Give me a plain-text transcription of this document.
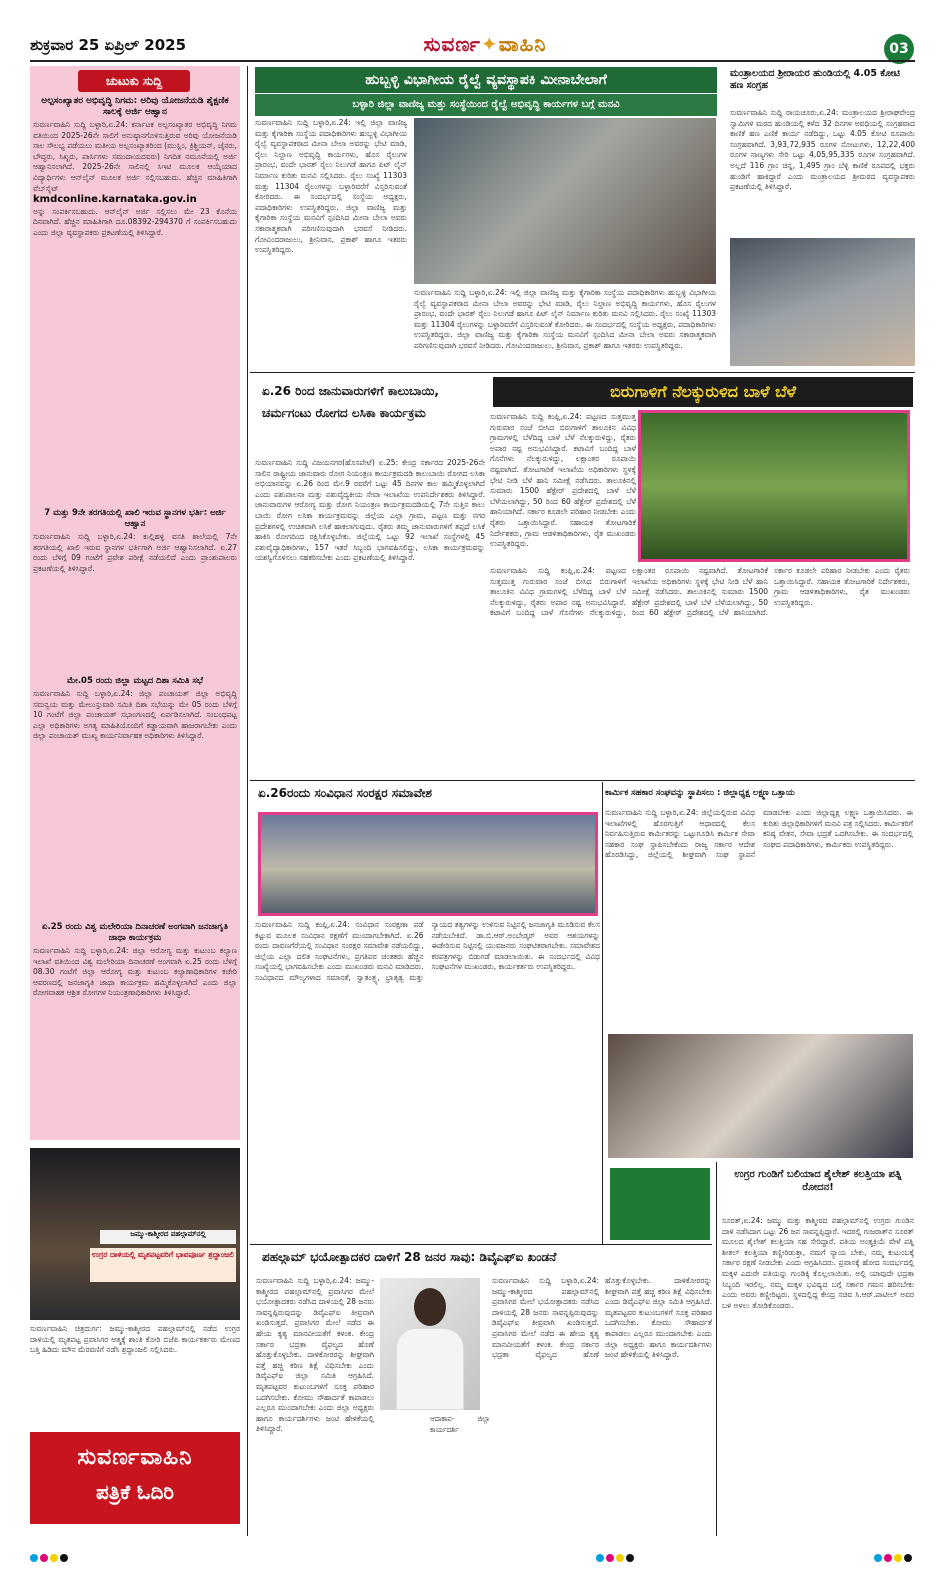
ಶುಕ್ರವಾರ 25 ಏಪ್ರಿಲ್ 2025	ಸುವರ್ಣ✦ವಾಹಿನಿ	03
ಚುಟುಕು ಸುದ್ದಿ
ಅಲ್ಪಸಂಖ್ಯಾತರ ಅಭಿವೃದ್ಧಿ ನಿಗಮ: ಅರಿವು ಯೋಜನೆಯಡಿ ಶೈಕ್ಷಣಿಕ ಸಾಲಕ್ಕೆ ಅರ್ಜಿ ಆಹ್ವಾನ
ಸುವರ್ಣವಾಹಿನಿ ಸುದ್ದಿ ಬಳ್ಳಾರಿ,ಏ.24: ಕರ್ನಾಟಕ ಅಲ್ಪಸಂಖ್ಯಾತರ ಅಭಿವೃದ್ಧಿ ನಿಗಮ ವತಿಯಿಂದ 2025-26ನೇ ಸಾಲಿಗೆ ಅನುಷ್ಠಾನಗೊಳಿಸುತ್ತಿರುವ ಅರಿವು ಯೋಜನೆಯಡಿ ಸಾಲ ಸೌಲಭ್ಯ ಪಡೆಯಲು ಮತೀಯ ಅಲ್ಪಸಂಖ್ಯಾತರಿಂದ (ಮುಸ್ಲಿಂ, ಕ್ರಿಶ್ಚಿಯನ್, ಜೈನರು, ಬೌದ್ಧರು, ಸಿಖ್ಖರು, ಪಾರ್ಸಿಗಳು ಸಮುದಾಯದವರು) ನಿಗದಿತ ನಮೂನೆಯಲ್ಲಿ ಅರ್ಜಿ ಆಹ್ವಾನಿಸಲಾಗಿದೆ. 2025-26ನೇ ಸಾಲಿನಲ್ಲಿ ಸಿಇಟಿ ಮೂಲಕ ಆಯ್ಕೆಯಾದ ವಿದ್ಯಾರ್ಥಿಗಳು ಆನ್‌ಲೈನ್ ಮೂಲಕ ಅರ್ಜಿ ಸಲ್ಲಿಸಬಹುದು. ಹೆಚ್ಚಿನ ಮಾಹಿತಿಗಾಗಿ ವೆಬ್‌ಸೈಟ್
kmdconline.karnataka.gov.in
ಅನ್ನು ಸಂಪರ್ಕಿಸಬಹುದು. ಆನ್‌ಲೈನ್ ಅರ್ಜಿ ಸಲ್ಲಿಸಲು ಮೇ 23 ಕೊನೆಯ ದಿನವಾಗಿದೆ. ಹೆಚ್ಚಿನ ಮಾಹಿತಿಗಾಗಿ ದೂ.08392-294370 ಗೆ ಸಂಪರ್ಕಿಸಬಹುದು ಎಂದು ಜಿಲ್ಲಾ ವ್ಯವಸ್ಥಾಪಕರು ಪ್ರಕಟಣೆಯಲ್ಲಿ ತಿಳಿಸಿದ್ದಾರೆ.
7 ಮತ್ತು 9ನೇ ತರಗತಿಯಲ್ಲಿ ಖಾಲಿ ಇರುವ ಸ್ಥಾನಗಳ ಭರ್ತಿ: ಅರ್ಜಿ ಆಹ್ವಾನ
ಸುವರ್ಣವಾಹಿನಿ ಸುದ್ದಿ ಬಳ್ಳಾರಿ,ಏ.24: ಕುಲ್ಲಿಹಳ್ಳಿ ವಸತಿ ಶಾಲೆಯಲ್ಲಿ 7ನೇ ತರಗತಿಯಲ್ಲಿ ಖಾಲಿ ಇರುವ ಸ್ಥಾನಗಳ ಭರ್ತಿಗಾಗಿ ಅರ್ಜಿ ಆಹ್ವಾನಿಸಲಾಗಿದೆ. ಏ.27 ರಂದು ಬೆಳಿಗ್ಗೆ 09 ಗಂಟೆಗೆ ಪ್ರವೇಶ ಪರೀಕ್ಷೆ ನಡೆಯಲಿದೆ ಎಂದು ಪ್ರಾಂಶುಪಾಲರು ಪ್ರಕಟಣೆಯಲ್ಲಿ ತಿಳಿಸಿದ್ದಾರೆ.
ಮೇ.05 ರಂದು ಜಿಲ್ಲಾ ಮಟ್ಟದ ದಿಶಾ ಸಮಿತಿ ಸಭೆ
ಸುವರ್ಣವಾಹಿನಿ ಸುದ್ದಿ ಬಳ್ಳಾರಿ,ಏ.24: ಜಿಲ್ಲಾ ಪಂಚಾಯತ್ ಜಿಲ್ಲಾ ಅಭಿವೃದ್ಧಿ ಸಮನ್ವಯ ಮತ್ತು ಮೇಲುಸ್ತುವಾರಿ ಸಮಿತಿ ದಿಶಾ ಸಭೆಯನ್ನು ಮೇ 05 ರಂದು ಬೆಳಿಗ್ಗೆ 10 ಗಂಟೆಗೆ ಜಿಲ್ಲಾ ಪಂಚಾಯತ್ ಸಭಾಂಗಣದಲ್ಲಿ ಏರ್ಪಡಿಸಲಾಗಿದೆ. ಸಂಬಂಧಪಟ್ಟ ಎಲ್ಲಾ ಅಧಿಕಾರಿಗಳು ಅಗತ್ಯ ಮಾಹಿತಿಯೊಂದಿಗೆ ಕಡ್ಡಾಯವಾಗಿ ಹಾಜರಾಗಬೇಕು ಎಂದು ಜಿಲ್ಲಾ ಪಂಚಾಯತ್ ಮುಖ್ಯ ಕಾರ್ಯನಿರ್ವಾಹಕ ಅಧಿಕಾರಿಗಳು ತಿಳಿಸಿದ್ದಾರೆ.
ಏ.25 ರಂದು ವಿಶ್ವ ಮಲೇರಿಯಾ ದಿನಾಚರಣೆ ಅಂಗವಾಗಿ ಜನಜಾಗೃತಿ ಜಾಥಾ ಕಾರ್ಯಕ್ರಮ
ಸುವರ್ಣವಾಹಿನಿ ಸುದ್ದಿ ಬಳ್ಳಾರಿ,ಏ.24: ಜಿಲ್ಲಾ ಆರೋಗ್ಯ ಮತ್ತು ಕುಟುಂಬ ಕಲ್ಯಾಣ ಇಲಾಖೆ ವತಿಯಿಂದ ವಿಶ್ವ ಮಲೇರಿಯಾ ದಿನಾಚರಣೆ ಅಂಗವಾಗಿ ಏ.25 ರಂದು ಬೆಳಿಗ್ಗೆ 08.30 ಗಂಟೆಗೆ ಜಿಲ್ಲಾ ಆರೋಗ್ಯ ಮತ್ತು ಕುಟುಂಬ ಕಲ್ಯಾಣಾಧಿಕಾರಿಗಳ ಕಚೇರಿ ಆವರಣದಲ್ಲಿ ಜನಜಾಗೃತಿ ಜಾಥಾ ಕಾರ್ಯಕ್ರಮ ಹಮ್ಮಿಕೊಳ್ಳಲಾಗಿದೆ ಎಂದು ಜಿಲ್ಲಾ ರೋಗವಾಹಕ ಆಶ್ರಿತ ರೋಗಗಳ ನಿಯಂತ್ರಣಾಧಿಕಾರಿಗಳು ತಿಳಿಸಿದ್ದಾರೆ.
ಜಮ್ಮು-ಕಾಶ್ಮೀರದ ಪಹಲ್ಗಾಮ್‌ನಲ್ಲಿ
ಉಗ್ರರ ದಾಳಿಯಲ್ಲಿ ಮೃತಪಟ್ಟವರಿಗೆ ಭಾವಪೂರ್ಣ ಶ್ರದ್ಧಾಂಜಲಿ
ಸುವರ್ಣವಾಹಿನಿ ಚಿತ್ರದುರ್ಗ: ಜಮ್ಮು-ಕಾಶ್ಮೀರದ ಪಹಲ್ಗಾಮ್‌ನಲ್ಲಿ ನಡೆದ ಉಗ್ರರ ದಾಳಿಯಲ್ಲಿ ಮೃತಪಟ್ಟ ಪ್ರವಾಸಿಗರ ಆತ್ಮಕ್ಕೆ ಶಾಂತಿ ಕೋರಿ ಬಿಜೆಪಿ ಕಾರ್ಯಕರ್ತರು ಮೇಣದ ಬತ್ತಿ ಹಿಡಿದು ಮೌನ ಮೆರವಣಿಗೆ ನಡೆಸಿ ಶ್ರದ್ಧಾಂಜಲಿ ಸಲ್ಲಿಸಿದರು.
ಸುವರ್ಣವಾಹಿನಿ
ಪತ್ರಿಕೆ ಓದಿರಿ
ಹುಬ್ಬಳ್ಳಿ ವಿಭಾಗೀಯ ರೈಲ್ವೆ ವ್ಯವಸ್ಥಾಪಕಿ ಮೀನಾಬೇಲಾಗೆ
ಬಳ್ಳಾರಿ ಜಿಲ್ಲಾ ವಾಣಿಜ್ಯ ಮತ್ತು ಸಂಸ್ಥೆಯಿಂದ ರೈಲ್ವೆ ಅಭಿವೃದ್ಧಿ ಕಾರ್ಯಗಳ ಬಗ್ಗೆ ಮನವಿ
ಸುವರ್ಣವಾಹಿನಿ ಸುದ್ದಿ ಬಳ್ಳಾರಿ,ಏ.24: ಇಲ್ಲಿ ಜಿಲ್ಲಾ ವಾಣಿಜ್ಯ ಮತ್ತು ಕೈಗಾರಿಕಾ ಸಂಸ್ಥೆಯ ಪದಾಧಿಕಾರಿಗಳು ಹುಬ್ಬಳ್ಳಿ ವಿಭಾಗೀಯ ರೈಲ್ವೆ ವ್ಯವಸ್ಥಾಪಕರಾದ ಮೀನಾ ಬೇಲಾ ಅವರನ್ನು ಭೇಟಿ ಮಾಡಿ, ರೈಲು ನಿಲ್ದಾಣ ಅಭಿವೃದ್ಧಿ ಕಾರ್ಯಗಳು, ಹೊಸ ರೈಲುಗಳ ಪ್ರಾರಂಭ, ವಂದೇ ಭಾರತ್ ರೈಲು ನಿಲುಗಡೆ ಹಾಗೂ ಪಿಟ್ ಲೈನ್ ನಿರ್ಮಾಣ ಕುರಿತು ಮನವಿ ಸಲ್ಲಿಸಿದರು. ರೈಲು ಸಂಖ್ಯೆ 11303 ಮತ್ತು 11304 ರೈಲುಗಳನ್ನು ಬಳ್ಳಾರಿವರೆಗೆ ವಿಸ್ತರಿಸುವಂತೆ ಕೋರಿದರು. ಈ ಸಂದರ್ಭದಲ್ಲಿ ಸಂಸ್ಥೆಯ ಅಧ್ಯಕ್ಷರು, ಪದಾಧಿಕಾರಿಗಳು ಉಪಸ್ಥಿತರಿದ್ದರು. ಜಿಲ್ಲಾ ವಾಣಿಜ್ಯ ಮತ್ತು ಕೈಗಾರಿಕಾ ಸಂಸ್ಥೆಯ ಮನವಿಗೆ ಸ್ಪಂದಿಸಿದ ಮೀನಾ ಬೇಲಾ ಅವರು ಸಕಾರಾತ್ಮಕವಾಗಿ ಪರಿಗಣಿಸುವುದಾಗಿ ಭರವಸೆ ನೀಡಿದರು. ಗೋವಿಂದರಾಜುಲು, ಶ್ರೀನಿವಾಸ, ಪ್ರಕಾಶ್ ಹಾಗೂ ಇತರರು ಉಪಸ್ಥಿತರಿದ್ದರು.
ಸುವರ್ಣವಾಹಿನಿ ಸುದ್ದಿ ಬಳ್ಳಾರಿ,ಏ.24: ಇಲ್ಲಿ ಜಿಲ್ಲಾ ವಾಣಿಜ್ಯ ಮತ್ತು ಕೈಗಾರಿಕಾ ಸಂಸ್ಥೆಯ ಪದಾಧಿಕಾರಿಗಳು ಹುಬ್ಬಳ್ಳಿ ವಿಭಾಗೀಯ ರೈಲ್ವೆ ವ್ಯವಸ್ಥಾಪಕರಾದ ಮೀನಾ ಬೇಲಾ ಅವರನ್ನು ಭೇಟಿ ಮಾಡಿ, ರೈಲು ನಿಲ್ದಾಣ ಅಭಿವೃದ್ಧಿ ಕಾರ್ಯಗಳು, ಹೊಸ ರೈಲುಗಳ ಪ್ರಾರಂಭ, ವಂದೇ ಭಾರತ್ ರೈಲು ನಿಲುಗಡೆ ಹಾಗೂ ಪಿಟ್ ಲೈನ್ ನಿರ್ಮಾಣ ಕುರಿತು ಮನವಿ ಸಲ್ಲಿಸಿದರು. ರೈಲು ಸಂಖ್ಯೆ 11303 ಮತ್ತು 11304 ರೈಲುಗಳನ್ನು ಬಳ್ಳಾರಿವರೆಗೆ ವಿಸ್ತರಿಸುವಂತೆ ಕೋರಿದರು. ಈ ಸಂದರ್ಭದಲ್ಲಿ ಸಂಸ್ಥೆಯ ಅಧ್ಯಕ್ಷರು, ಪದಾಧಿಕಾರಿಗಳು ಉಪಸ್ಥಿತರಿದ್ದರು. ಜಿಲ್ಲಾ ವಾಣಿಜ್ಯ ಮತ್ತು ಕೈಗಾರಿಕಾ ಸಂಸ್ಥೆಯ ಮನವಿಗೆ ಸ್ಪಂದಿಸಿದ ಮೀನಾ ಬೇಲಾ ಅವರು ಸಕಾರಾತ್ಮಕವಾಗಿ ಪರಿಗಣಿಸುವುದಾಗಿ ಭರವಸೆ ನೀಡಿದರು. ಗೋವಿಂದರಾಜುಲು, ಶ್ರೀನಿವಾಸ, ಪ್ರಕಾಶ್ ಹಾಗೂ ಇತರರು ಉಪಸ್ಥಿತರಿದ್ದರು.
ಮಂತ್ರಾಲಯದ ಶ್ರೀರಾಯರ ಹುಂಡಿಯಲ್ಲಿ 4.05 ಕೋಟಿ ಹಣ ಸಂಗ್ರಹ
ಸುವರ್ಣವಾಹಿನಿ ಸುದ್ದಿ ರಾಯಚೂರು,ಏ.24: ಮಂತ್ರಾಲಯದ ಶ್ರೀರಾಘವೇಂದ್ರ ಸ್ವಾಮಿಗಳ ಮಠದ ಹುಂಡಿಯಲ್ಲಿ ಕಳೆದ 32 ದಿನಗಳ ಅವಧಿಯಲ್ಲಿ ಸಂಗ್ರಹವಾದ ಕಾಣಿಕೆ ಹಣ ಎಣಿಕೆ ಕಾರ್ಯ ನಡೆದಿದ್ದು, ಒಟ್ಟು 4.05 ಕೋಟಿ ರೂಪಾಯಿ ಸಂಗ್ರಹವಾಗಿದೆ. 3,93,72,935 ರೂಗಳ ನೋಟುಗಳು, 12,22,400 ರೂಗಳ ನಾಣ್ಯಗಳು ಸೇರಿ ಒಟ್ಟು 4,05,95,335 ರೂಗಳ ಸಂಗ್ರಹವಾಗಿದೆ. ಅಲ್ಲದೆ 116 ಗ್ರಾಂ ಚಿನ್ನ, 1,495 ಗ್ರಾಂ ಬೆಳ್ಳಿ ಕಾಣಿಕೆ ರೂಪದಲ್ಲಿ ಭಕ್ತರು ಹುಂಡಿಗೆ ಹಾಕಿದ್ದಾರೆ ಎಂದು ಮಂತ್ರಾಲಯದ ಶ್ರೀಮಠದ ವ್ಯವಸ್ಥಾಪಕರು ಪ್ರಕಟಣೆಯಲ್ಲಿ ತಿಳಿಸಿದ್ದಾರೆ.
ಏ.26 ರಿಂದ ಜಾನುವಾರುಗಳಿಗೆ ಕಾಲುಬಾಯಿ, ಚರ್ಮಗಂಟು ರೋಗದ ಲಸಿಕಾ ಕಾರ್ಯಕ್ರಮ
ಸುವರ್ಣವಾಹಿನಿ ಸುದ್ದಿ ವಿಜಯನಗರ(ಹೊಸಪೇಟೆ) ಏ.25: ಕೇಂದ್ರ ಸರ್ಕಾರದ 2025-26ನೇ ಸಾಲಿನ ರಾಷ್ಟ್ರೀಯ ಜಾನುವಾರು ರೋಗ ನಿಯಂತ್ರಣ ಕಾರ್ಯಕ್ರಮದಡಿ ಕಾಲುಬಾಯಿ ರೋಗದ ಲಸಿಕಾ ಅಭಿಯಾನವನ್ನು ಏ.26 ರಿಂದ ಮೇ.9 ರವರೆಗೆ ಒಟ್ಟು 45 ದಿನಗಳ ಕಾಲ ಹಮ್ಮಿಕೊಳ್ಳಲಾಗಿದೆ ಎಂದು ಪಶುಪಾಲನಾ ಮತ್ತು ಪಶುವೈದ್ಯಕೀಯ ಸೇವಾ ಇಲಾಖೆಯ ಉಪನಿರ್ದೇಶಕರು ತಿಳಿಸಿದ್ದಾರೆ. ಜಾನುವಾರುಗಳ ಆರೋಗ್ಯ ಮತ್ತು ರೋಗ ನಿಯಂತ್ರಣ ಕಾರ್ಯಕ್ರಮದಡಿಯಲ್ಲಿ 7ನೇ ಸುತ್ತಿನ ಕಾಲು ಬಾಯಿ ರೋಗ ಲಸಿಕಾ ಕಾರ್ಯಕ್ರಮವನ್ನು ಜಿಲ್ಲೆಯ ಎಲ್ಲಾ ಗ್ರಾಮ, ಪಟ್ಟಣ ಮತ್ತು ನಗರ ಪ್ರದೇಶಗಳಲ್ಲಿ ಉಚಿತವಾಗಿ ಲಸಿಕೆ ಹಾಕಲಾಗುವುದು. ರೈತರು ತಮ್ಮ ಜಾನುವಾರುಗಳಿಗೆ ತಪ್ಪದೆ ಲಸಿಕೆ ಹಾಕಿಸಿ ರೋಗದಿಂದ ರಕ್ಷಿಸಿಕೊಳ್ಳಬೇಕು. ಜಿಲ್ಲೆಯಲ್ಲಿ ಒಟ್ಟು 92 ಇಲಾಖೆ ಸಂಸ್ಥೆಗಳಲ್ಲಿ 45 ಪಶುವೈದ್ಯಾಧಿಕಾರಿಗಳು, 157 ಇತರೆ ಸಿಬ್ಬಂದಿ ಭಾಗವಹಿಸಲಿದ್ದು, ಲಸಿಕಾ ಕಾರ್ಯಕ್ರಮವನ್ನು ಯಶಸ್ವಿಗೊಳಿಸಲು ಸಹಕರಿಸಬೇಕು ಎಂದು ಪ್ರಕಟಣೆಯಲ್ಲಿ ತಿಳಿಸಿದ್ದಾರೆ.
ಬಿರುಗಾಳಿಗೆ ನೆಲಕ್ಕುರುಳಿದ ಬಾಳೆ ಬೆಳೆ
ಸುವರ್ಣವಾಹಿನಿ ಸುದ್ದಿ ಕಂಪ್ಲಿ,ಏ.24: ಪಟ್ಟಣದ ಸುತ್ತಮುತ್ತ ಗುರುವಾರ ಸಂಜೆ ಬೀಸಿದ ಬಿರುಗಾಳಿಗೆ ತಾಲೂಕಿನ ವಿವಿಧ ಗ್ರಾಮಗಳಲ್ಲಿ ಬೆಳೆದಿದ್ದ ಬಾಳೆ ಬೆಳೆ ನೆಲಕ್ಕುರುಳಿದ್ದು, ರೈತರು ಅಪಾರ ನಷ್ಟ ಅನುಭವಿಸಿದ್ದಾರೆ. ಕಟಾವಿಗೆ ಬಂದಿದ್ದ ಬಾಳೆ ಗೊನೆಗಳು ನೆಲಕ್ಕುರುಳಿದ್ದು, ಲಕ್ಷಾಂತರ ರೂಪಾಯಿ ನಷ್ಟವಾಗಿದೆ. ತೋಟಗಾರಿಕೆ ಇಲಾಖೆಯ ಅಧಿಕಾರಿಗಳು ಸ್ಥಳಕ್ಕೆ ಭೇಟಿ ನೀಡಿ ಬೆಳೆ ಹಾನಿ ಸಮೀಕ್ಷೆ ನಡೆಸಿದರು. ತಾಲೂಕಿನಲ್ಲಿ ಸುಮಾರು 1500 ಹೆಕ್ಟೇರ್ ಪ್ರದೇಶದಲ್ಲಿ ಬಾಳೆ ಬೆಳೆ ಬೆಳೆಯಲಾಗಿದ್ದು, 50 ರಿಂದ 60 ಹೆಕ್ಟೇರ್ ಪ್ರದೇಶದಲ್ಲಿ ಬೆಳೆ ಹಾನಿಯಾಗಿದೆ. ಸರ್ಕಾರ ಕೂಡಲೇ ಪರಿಹಾರ ನೀಡಬೇಕು ಎಂದು ರೈತರು ಒತ್ತಾಯಿಸಿದ್ದಾರೆ. ಸಹಾಯಕ ತೋಟಗಾರಿಕೆ ನಿರ್ದೇಶಕರು, ಗ್ರಾಮ ಆಡಳಿತಾಧಿಕಾರಿಗಳು, ರೈತ ಮುಖಂಡರು ಉಪಸ್ಥಿತರಿದ್ದರು.
ಸುವರ್ಣವಾಹಿನಿ ಸುದ್ದಿ ಕಂಪ್ಲಿ,ಏ.24: ಪಟ್ಟಣದ ಸುತ್ತಮುತ್ತ ಗುರುವಾರ ಸಂಜೆ ಬೀಸಿದ ಬಿರುಗಾಳಿಗೆ ತಾಲೂಕಿನ ವಿವಿಧ ಗ್ರಾಮಗಳಲ್ಲಿ ಬೆಳೆದಿದ್ದ ಬಾಳೆ ಬೆಳೆ ನೆಲಕ್ಕುರುಳಿದ್ದು, ರೈತರು ಅಪಾರ ನಷ್ಟ ಅನುಭವಿಸಿದ್ದಾರೆ. ಕಟಾವಿಗೆ ಬಂದಿದ್ದ ಬಾಳೆ ಗೊನೆಗಳು ನೆಲಕ್ಕುರುಳಿದ್ದು, ಲಕ್ಷಾಂತರ ರೂಪಾಯಿ ನಷ್ಟವಾಗಿದೆ. ತೋಟಗಾರಿಕೆ ಇಲಾಖೆಯ ಅಧಿಕಾರಿಗಳು ಸ್ಥಳಕ್ಕೆ ಭೇಟಿ ನೀಡಿ ಬೆಳೆ ಹಾನಿ ಸಮೀಕ್ಷೆ ನಡೆಸಿದರು. ತಾಲೂಕಿನಲ್ಲಿ ಸುಮಾರು 1500 ಹೆಕ್ಟೇರ್ ಪ್ರದೇಶದಲ್ಲಿ ಬಾಳೆ ಬೆಳೆ ಬೆಳೆಯಲಾಗಿದ್ದು, 50 ರಿಂದ 60 ಹೆಕ್ಟೇರ್ ಪ್ರದೇಶದಲ್ಲಿ ಬೆಳೆ ಹಾನಿಯಾಗಿದೆ. ಸರ್ಕಾರ ಕೂಡಲೇ ಪರಿಹಾರ ನೀಡಬೇಕು ಎಂದು ರೈತರು ಒತ್ತಾಯಿಸಿದ್ದಾರೆ. ಸಹಾಯಕ ತೋಟಗಾರಿಕೆ ನಿರ್ದೇಶಕರು, ಗ್ರಾಮ ಆಡಳಿತಾಧಿಕಾರಿಗಳು, ರೈತ ಮುಖಂಡರು ಉಪಸ್ಥಿತರಿದ್ದರು.
ಏ.26ರಂದು ಸಂವಿಧಾನ ಸಂರಕ್ಷರ ಸಮಾವೇಶ
ಸುವರ್ಣವಾಹಿನಿ ಸುದ್ದಿ ಕಂಪ್ಲಿ,ಏ.24: ಸಂವಿಧಾನ ಸಂರಕ್ಷಣಾ ಪಡೆ ಕಟ್ಟುವ ಮೂಲಕ ಸಂವಿಧಾನ ರಕ್ಷಣೆಗೆ ಮುಂದಾಗಬೇಕಾಗಿದೆ. ಏ.26 ರಂದು ದಾವಣಗೆರೆಯಲ್ಲಿ ಸಂವಿಧಾನ ಸಂರಕ್ಷರ ಸಮಾವೇಶ ನಡೆಯಲಿದ್ದು, ಜಿಲ್ಲೆಯ ಎಲ್ಲಾ ದಲಿತ ಸಂಘಟನೆಗಳು, ಪ್ರಗತಿಪರ ಚಿಂತಕರು ಹೆಚ್ಚಿನ ಸಂಖ್ಯೆಯಲ್ಲಿ ಭಾಗವಹಿಸಬೇಕು ಎಂದು ಮುಖಂಡರು ಮನವಿ ಮಾಡಿದರು. ಸಂವಿಧಾನದ ಮೌಲ್ಯಗಳಾದ ಸಮಾನತೆ, ಸ್ವಾತಂತ್ರ್ಯ, ಭ್ರಾತೃತ್ವ ಮತ್ತು ನ್ಯಾಯದ ತತ್ವಗಳನ್ನು ಉಳಿಸುವ ನಿಟ್ಟಿನಲ್ಲಿ ಜನಜಾಗೃತಿ ಮೂಡಿಸುವ ಕೆಲಸ ನಡೆಯಬೇಕಿದೆ. ಡಾ.ಬಿ.ಆರ್.ಅಂಬೇಡ್ಕರ್ ಅವರ ಆಶಯಗಳನ್ನು ಈಡೇರಿಸುವ ನಿಟ್ಟಿನಲ್ಲಿ ಯುವಜನರು ಸಂಘಟಿತರಾಗಬೇಕು. ಸಮಾವೇಶದ ಕರಪತ್ರಗಳನ್ನು ಬಿಡುಗಡೆ ಮಾಡಲಾಯಿತು. ಈ ಸಂದರ್ಭದಲ್ಲಿ ವಿವಿಧ ಸಂಘಟನೆಗಳ ಮುಖಂಡರು, ಕಾರ್ಯಕರ್ತರು ಉಪಸ್ಥಿತರಿದ್ದರು.
ಕಾರ್ಮಿಕ ಸಹಕಾರ ಸಂಘವನ್ನು ಸ್ಥಾಪಿಸಲು : ಜಿಲ್ಲಾಧ್ಯಕ್ಷ ಲಕ್ಷ್ಮಣ ಒತ್ತಾಯ
ಸುವರ್ಣವಾಹಿನಿ ಸುದ್ದಿ ಬಳ್ಳಾರಿ,ಏ.24: ಜಿಲ್ಲೆಯಲ್ಲಿರುವ ವಿವಿಧ ಇಲಾಖೆಗಳಲ್ಲಿ ಹೊರಗುತ್ತಿಗೆ ಆಧಾರದಲ್ಲಿ ಕೆಲಸ ನಿರ್ವಹಿಸುತ್ತಿರುವ ಕಾರ್ಮಿಕರನ್ನು ಒಟ್ಟುಗೂಡಿಸಿ ಕಾರ್ಮಿಕ ಸೇವಾ ಸಹಕಾರ ಸಂಘ ಸ್ಥಾಪಿಸಬೇಕೆಂದು ರಾಜ್ಯ ಸರ್ಕಾರ ಆದೇಶ ಹೊರಡಿಸಿದ್ದು, ಜಿಲ್ಲೆಯಲ್ಲಿ ಶೀಘ್ರವಾಗಿ ಸಂಘ ಸ್ಥಾಪನೆ ಮಾಡಬೇಕು ಎಂದು ಜಿಲ್ಲಾಧ್ಯಕ್ಷ ಲಕ್ಷ್ಮಣ ಒತ್ತಾಯಿಸಿದರು. ಈ ಕುರಿತು ಜಿಲ್ಲಾಧಿಕಾರಿಗಳಿಗೆ ಮನವಿ ಪತ್ರ ಸಲ್ಲಿಸಿದರು. ಕಾರ್ಮಿಕರಿಗೆ ಕನಿಷ್ಠ ವೇತನ, ಸೇವಾ ಭದ್ರತೆ ಒದಗಿಸಬೇಕು. ಈ ಸಂದರ್ಭದಲ್ಲಿ ಸಂಘದ ಪದಾಧಿಕಾರಿಗಳು, ಕಾರ್ಮಿಕರು ಉಪಸ್ಥಿತರಿದ್ದರು.
ಉಗ್ರರ ಗುಂಡಿಗೆ ಬಲಿಯಾದ ಶೈಲೇಶ್ ಕಲತ್ತಿಯಾ ಪತ್ನಿ ರೋದನ!
ಸೂರತ್,ಏ.24: ಜಮ್ಮು ಮತ್ತು ಕಾಶ್ಮೀರದ ಪಹಲ್ಗಾಮ್‌ನಲ್ಲಿ ಉಗ್ರರು ಗುಂಡಿನ ದಾಳಿ ನಡೆಸಿದಾಗ ಒಟ್ಟು 26 ಜನ ಸಾವನ್ನಪ್ಪಿದ್ದಾರೆ. ಇದರಲ್ಲಿ ಗುಜರಾತ್‌ನ ಸೂರತ್ ಮೂಲದ ಶೈಲೇಶ್ ಕಲತ್ತಿಯಾ ಸಹ ಸೇರಿದ್ದಾರೆ. ಪತಿಯ ಅಂತ್ಯಕ್ರಿಯೆ ವೇಳೆ ಪತ್ನಿ ಶೀತಲ್ ಕಲತ್ತಿಯಾ ಕಣ್ಣೀರಿಡುತ್ತಾ, ನಮಗೆ ನ್ಯಾಯ ಬೇಕು, ನಮ್ಮ ಕುಟುಂಬಕ್ಕೆ ಸರ್ಕಾರ ರಕ್ಷಣೆ ನೀಡಬೇಕು ಎಂದು ಆಗ್ರಹಿಸಿದರು. ಪ್ರವಾಸಕ್ಕೆ ಹೋದ ಸಂದರ್ಭದಲ್ಲಿ ಮಕ್ಕಳ ಎದುರೇ ಪತಿಯನ್ನು ಗುಂಡಿಕ್ಕಿ ಕೊಲ್ಲಲಾಯಿತು. ಅಲ್ಲಿ ಯಾವುದೇ ಭದ್ರತಾ ಸಿಬ್ಬಂದಿ ಇರಲಿಲ್ಲ. ನಮ್ಮ ಮಕ್ಕಳ ಭವಿಷ್ಯದ ಬಗ್ಗೆ ಸರ್ಕಾರ ಗಮನ ಹರಿಸಬೇಕು ಎಂದು ಅವರು ಕಣ್ಣೀರಿಟ್ಟರು. ಸ್ಥಳದಲ್ಲಿದ್ದ ಕೇಂದ್ರ ಸಚಿವ ಸಿ.ಆರ್.ಪಾಟೀಲ್ ಅವರ ಬಳಿ ಅಳಲು ತೋಡಿಕೊಂಡರು.
ಪಹಲ್ಗಾಮ್ ಭಯೋತ್ಪಾದಕರ ದಾಳಿಗೆ 28 ಜನರ ಸಾವು: ಡಿವೈಎಫ್‌ಐ ಖಂಡನೆ
ಸುವರ್ಣವಾಹಿನಿ ಸುದ್ದಿ ಬಳ್ಳಾರಿ,ಏ.24: ಜಮ್ಮು-ಕಾಶ್ಮೀರದ ಪಹಲ್ಗಾಮ್‌ನಲ್ಲಿ ಪ್ರವಾಸಿಗರ ಮೇಲೆ ಭಯೋತ್ಪಾದಕರು ನಡೆಸಿದ ದಾಳಿಯಲ್ಲಿ 28 ಜನರು ಸಾವನ್ನಪ್ಪಿರುವುದನ್ನು ಡಿವೈಎಫ್‌ಐ ತೀವ್ರವಾಗಿ ಖಂಡಿಸುತ್ತದೆ. ಪ್ರವಾಸಿಗರ ಮೇಲೆ ನಡೆದ ಈ ಹೇಯ ಕೃತ್ಯ ಮಾನವೀಯತೆಗೆ ಕಳಂಕ. ಕೇಂದ್ರ ಸರ್ಕಾರ ಭದ್ರತಾ ವೈಫಲ್ಯದ ಹೊಣೆ ಹೊತ್ತುಕೊಳ್ಳಬೇಕು. ದಾಳಿಕೋರರನ್ನು ಶೀಘ್ರವಾಗಿ ಪತ್ತೆ ಹಚ್ಚಿ ಕಠಿಣ ಶಿಕ್ಷೆ ವಿಧಿಸಬೇಕು ಎಂದು ಡಿವೈಎಫ್‌ಐ ಜಿಲ್ಲಾ ಸಮಿತಿ ಆಗ್ರಹಿಸಿದೆ. ಮೃತಪಟ್ಟವರ ಕುಟುಂಬಗಳಿಗೆ ಸೂಕ್ತ ಪರಿಹಾರ ಒದಗಿಸಬೇಕು. ಕೋಮು ಸೌಹಾರ್ದತೆ ಕಾಪಾಡಲು ಎಲ್ಲರೂ ಮುಂದಾಗಬೇಕು ಎಂದು ಜಿಲ್ಲಾ ಅಧ್ಯಕ್ಷರು ಹಾಗೂ ಕಾರ್ಯದರ್ಶಿಗಳು ಜಂಟಿ ಹೇಳಿಕೆಯಲ್ಲಿ ತಿಳಿಸಿದ್ದಾರೆ.
ಆದಾಕಾಪ- ಜಿಲ್ಲಾ ಕಾರ್ಯದರ್ಶಿ
ಸುವರ್ಣವಾಹಿನಿ ಸುದ್ದಿ ಬಳ್ಳಾರಿ,ಏ.24: ಜಮ್ಮು-ಕಾಶ್ಮೀರದ ಪಹಲ್ಗಾಮ್‌ನಲ್ಲಿ ಪ್ರವಾಸಿಗರ ಮೇಲೆ ಭಯೋತ್ಪಾದಕರು ನಡೆಸಿದ ದಾಳಿಯಲ್ಲಿ 28 ಜನರು ಸಾವನ್ನಪ್ಪಿರುವುದನ್ನು ಡಿವೈಎಫ್‌ಐ ತೀವ್ರವಾಗಿ ಖಂಡಿಸುತ್ತದೆ. ಪ್ರವಾಸಿಗರ ಮೇಲೆ ನಡೆದ ಈ ಹೇಯ ಕೃತ್ಯ ಮಾನವೀಯತೆಗೆ ಕಳಂಕ. ಕೇಂದ್ರ ಸರ್ಕಾರ ಭದ್ರತಾ ವೈಫಲ್ಯದ ಹೊಣೆ ಹೊತ್ತುಕೊಳ್ಳಬೇಕು. ದಾಳಿಕೋರರನ್ನು ಶೀಘ್ರವಾಗಿ ಪತ್ತೆ ಹಚ್ಚಿ ಕಠಿಣ ಶಿಕ್ಷೆ ವಿಧಿಸಬೇಕು ಎಂದು ಡಿವೈಎಫ್‌ಐ ಜಿಲ್ಲಾ ಸಮಿತಿ ಆಗ್ರಹಿಸಿದೆ. ಮೃತಪಟ್ಟವರ ಕುಟುಂಬಗಳಿಗೆ ಸೂಕ್ತ ಪರಿಹಾರ ಒದಗಿಸಬೇಕು. ಕೋಮು ಸೌಹಾರ್ದತೆ ಕಾಪಾಡಲು ಎಲ್ಲರೂ ಮುಂದಾಗಬೇಕು ಎಂದು ಜಿಲ್ಲಾ ಅಧ್ಯಕ್ಷರು ಹಾಗೂ ಕಾರ್ಯದರ್ಶಿಗಳು ಜಂಟಿ ಹೇಳಿಕೆಯಲ್ಲಿ ತಿಳಿಸಿದ್ದಾರೆ.
